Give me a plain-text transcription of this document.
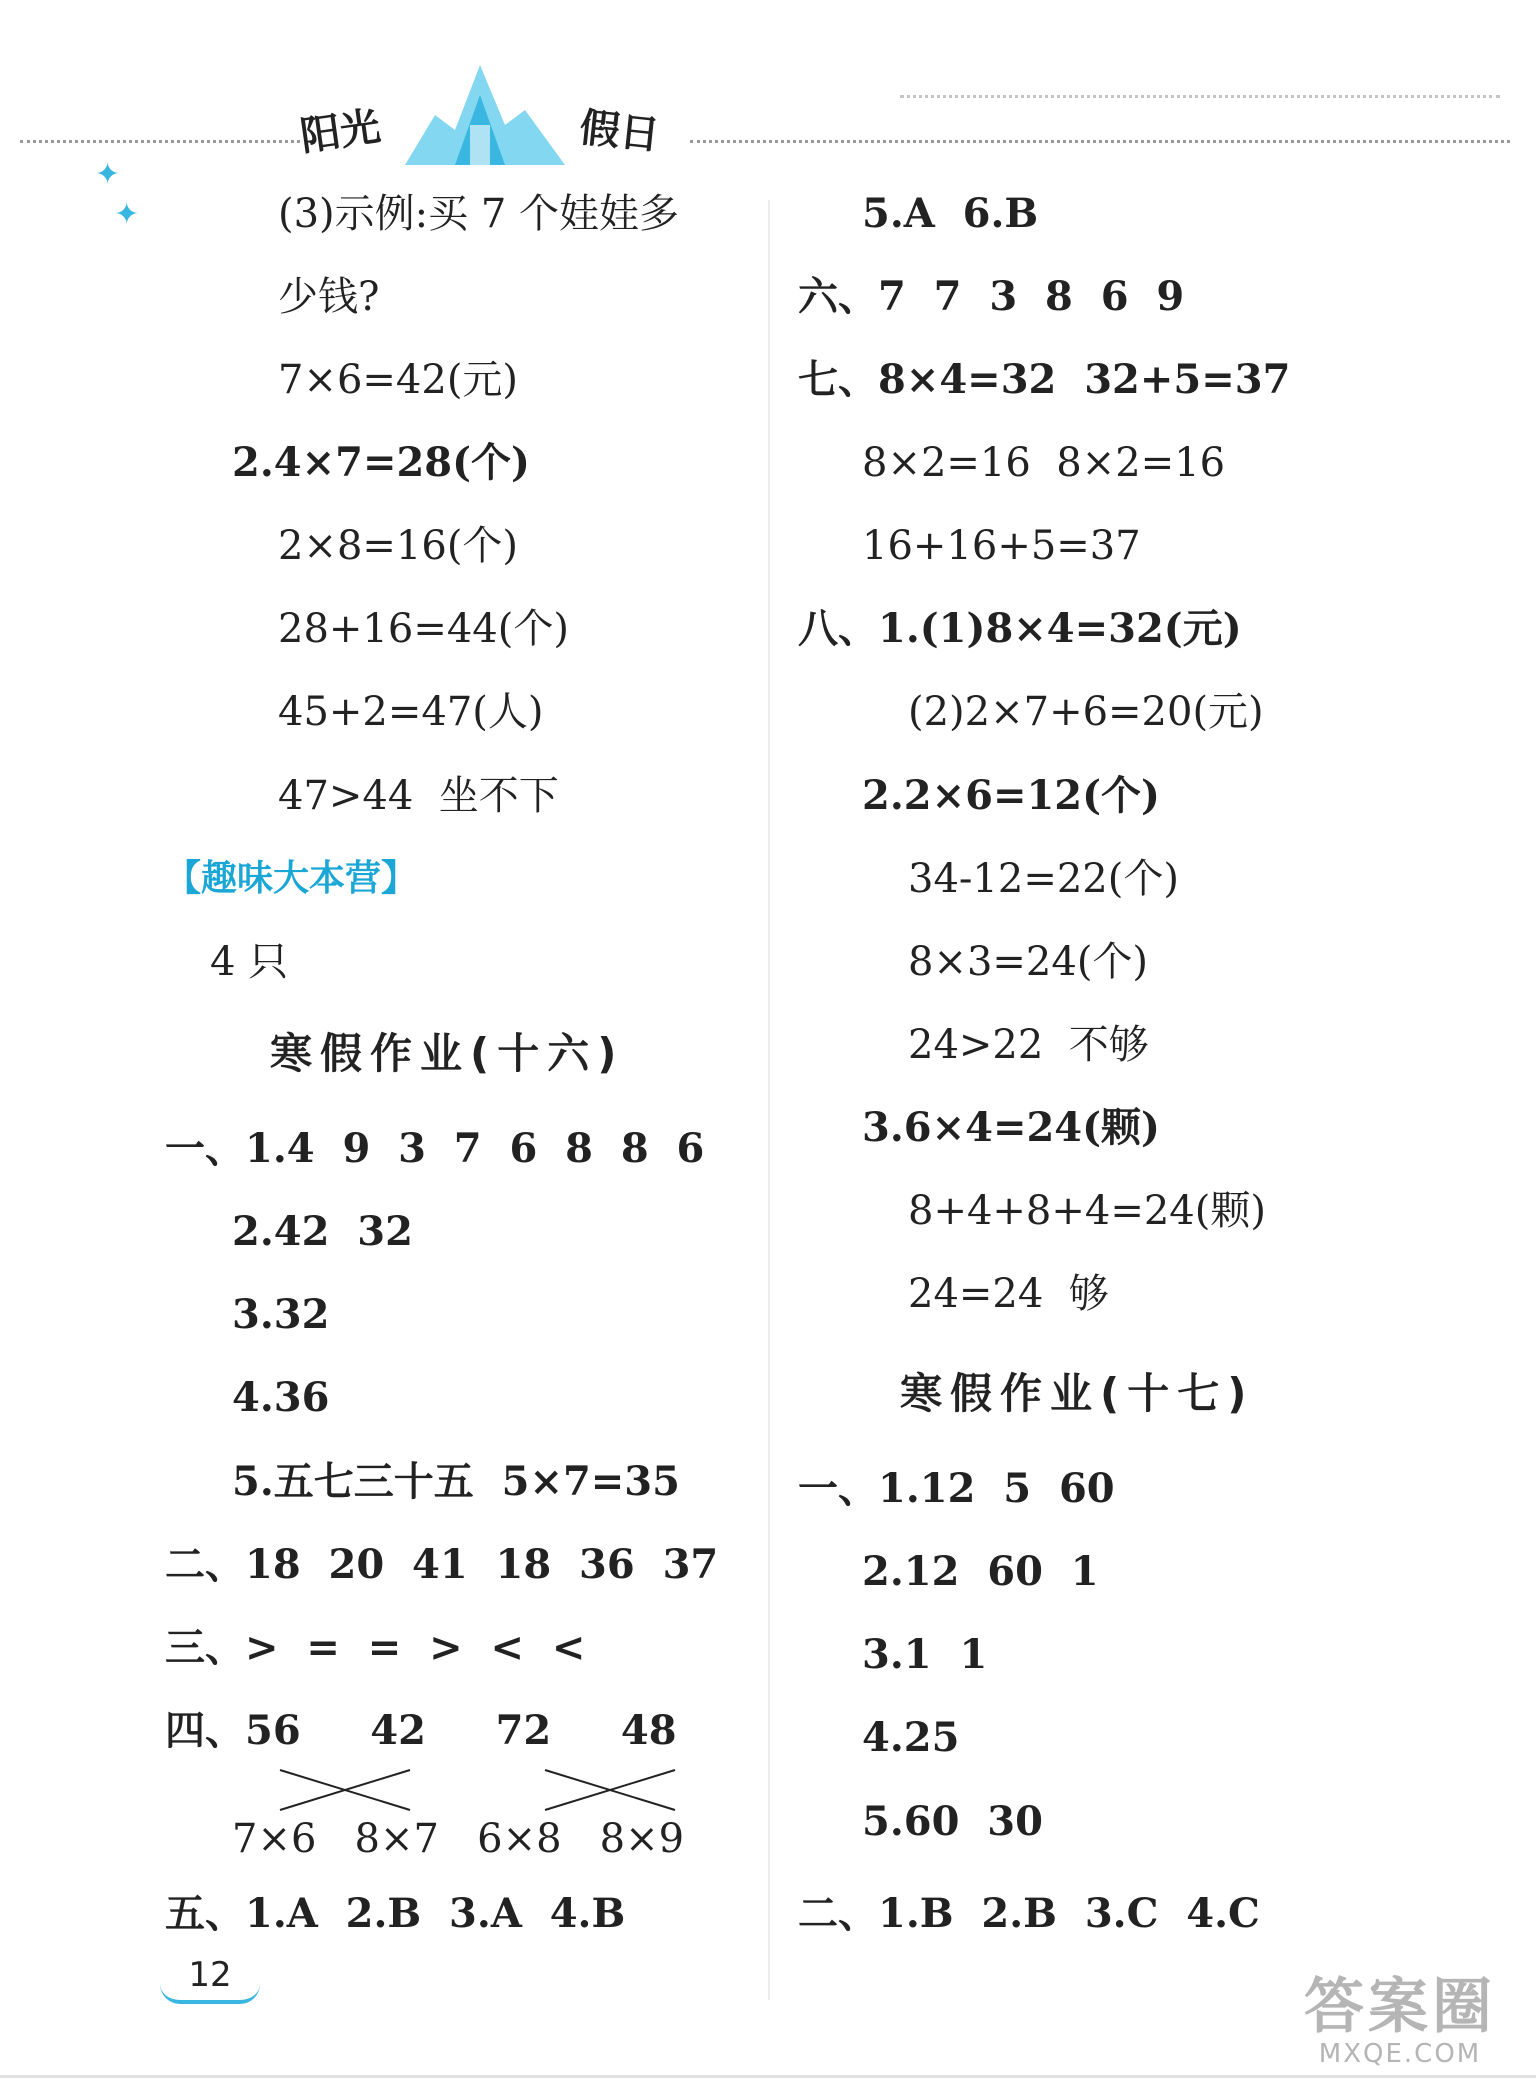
阳光	假日
✦
✦	(3)示例:买 7 个娃娃多
少钱?
7×6=42(元)
2.4×7=28(个)
2×8=16(个)
28+16=44(个)
45+2=47(人)
47>44  坐不下
【趣味大本营】
4 只
寒假作业(十六)
一、1.4  9  3  7  6  8  8  6
2.42  32
3.32
4.36
5.五七三十五  5×7=35
二、18  20  41  18  36  37
三、>  =  =  >  <  <
四、56     42     72     48
7×6   8×7   6×8   8×9
五、1.A  2.B  3.A  4.B
5.A  6.B
六、7  7  3  8  6  9
七、8×4=32  32+5=37
8×2=16  8×2=16
16+16+5=37
八、1.(1)8×4=32(元)
(2)2×7+6=20(元)
2.2×6=12(个)
34-12=22(个)
8×3=24(个)
24>22  不够
3.6×4=24(颗)
8+4+8+4=24(颗)
24=24  够
寒假作业(十七)
一、1.12  5  60
2.12  60  1
3.1  1
4.25
5.60  30
二、1.B  2.B  3.C  4.C
12	答案圈
MXQE.COM
